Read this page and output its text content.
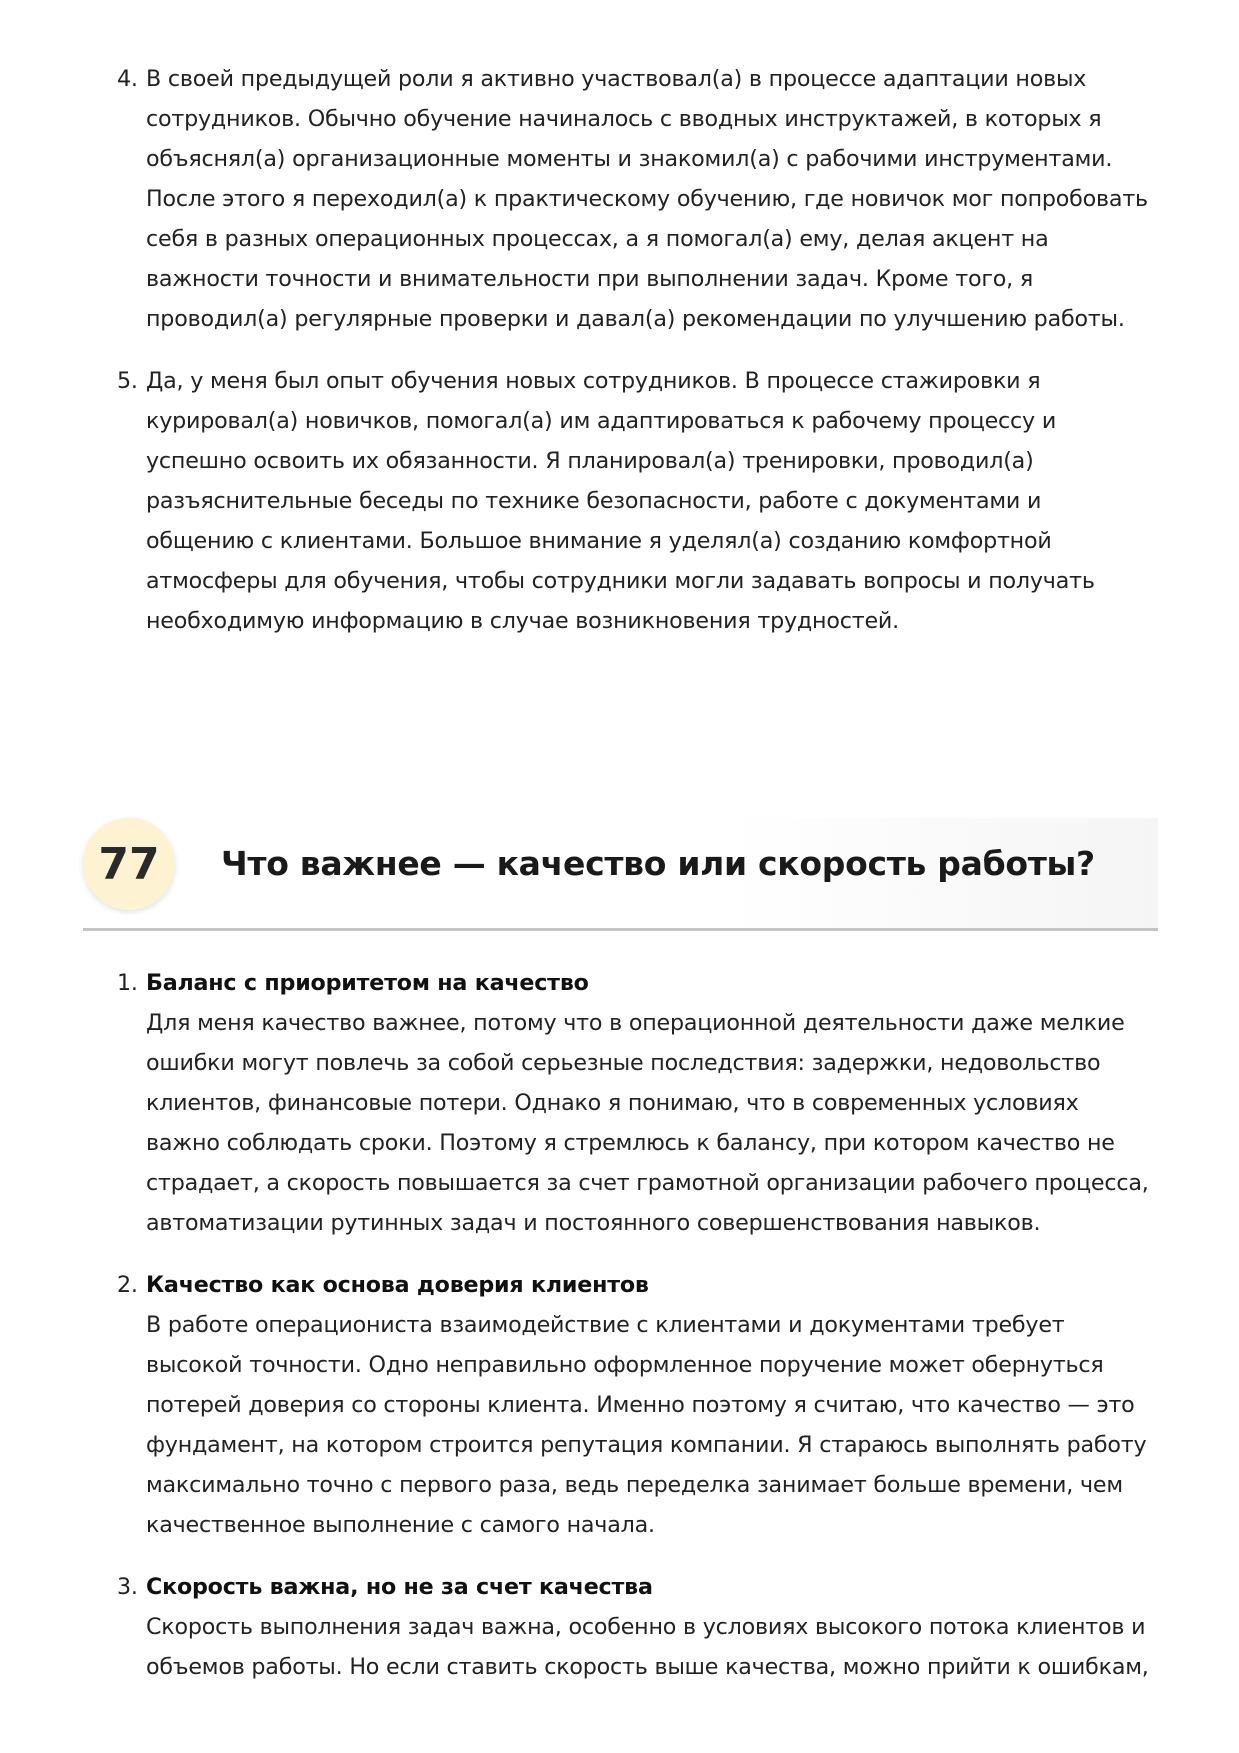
4. В своей предыдущей роли я активно участвовал(а) в процессе адаптации новых сотрудников. Обычно обучение начиналось с вводных инструктажей, в которых я объяснял(а) организационные моменты и знакомил(а) с рабочими инструментами. После этого я переходил(а) к практическому обучению, где новичок мог попробовать себя в разных операционных процессах, а я помогал(а) ему, делая акцент на важности точности и внимательности при выполнении задач. Кроме того, я проводил(а) регулярные проверки и давал(а) рекомендации по улучшению работы.
5. Да, у меня был опыт обучения новых сотрудников. В процессе стажировки я курировал(а) новичков, помогал(а) им адаптироваться к рабочему процессу и успешно освоить их обязанности. Я планировал(а) тренировки, проводил(а) разъяснительные беседы по технике безопасности, работе с документами и общению с клиентами. Большое внимание я уделял(а) созданию комфортной атмосферы для обучения, чтобы сотрудники могли задавать вопросы и получать необходимую информацию в случае возникновения трудностей.
77	Что важнее — качество или скорость работы?
1. Баланс с приоритетом на качество
Для меня качество важнее, потому что в операционной деятельности даже мелкие ошибки могут повлечь за собой серьезные последствия: задержки, недовольство клиентов, финансовые потери. Однако я понимаю, что в современных условиях важно соблюдать сроки. Поэтому я стремлюсь к балансу, при котором качество не страдает, а скорость повышается за счет грамотной организации рабочего процесса, автоматизации рутинных задач и постоянного совершенствования навыков.
2. Качество как основа доверия клиентов
В работе операциониста взаимодействие с клиентами и документами требует высокой точности. Одно неправильно оформленное поручение может обернуться потерей доверия со стороны клиента. Именно поэтому я считаю, что качество — это фундамент, на котором строится репутация компании. Я стараюсь выполнять работу максимально точно с первого раза, ведь переделка занимает больше времени, чем качественное выполнение с самого начала.
3. Скорость важна, но не за счет качества
Скорость выполнения задач важна, особенно в условиях высокого потока клиентов и объемов работы. Но если ставить скорость выше качества, можно прийти к ошибкам,
